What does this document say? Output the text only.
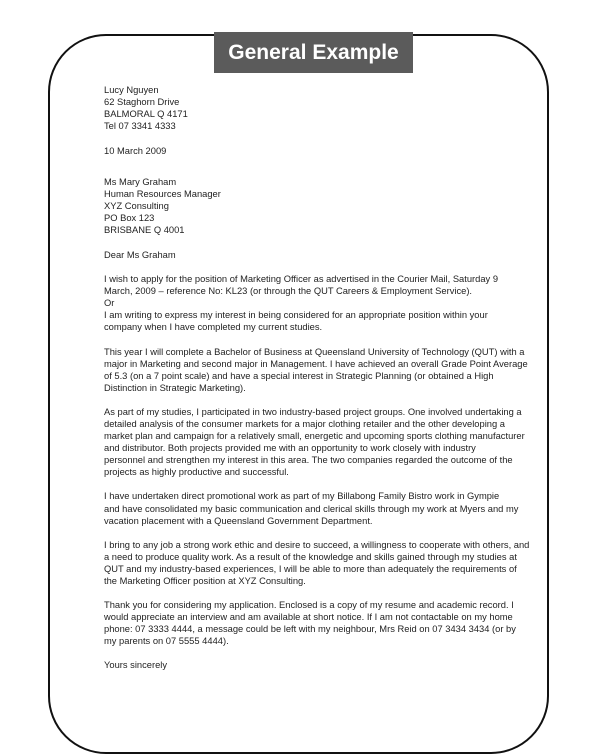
General Example
Lucy Nguyen
62 Staghorn Drive
BALMORAL Q 4171
Tel 07 3341 4333
10 March 2009
Ms Mary Graham
Human Resources Manager
XYZ Consulting
PO Box 123
BRISBANE Q 4001
Dear Ms Graham

I wish to apply for the position of Marketing Officer as advertised in the Courier Mail, Saturday 9
March, 2009 – reference No: KL23 (or through the QUT Careers & Employment Service).
Or
I am writing to express my interest in being considered for an appropriate position within your
company when I have completed my current studies.

This year I will complete a Bachelor of Business at Queensland University of Technology (QUT) with a
major in Marketing and second major in Management. I have achieved an overall Grade Point Average
of 5.3 (on a 7 point scale) and have a special interest in Strategic Planning (or obtained a High
Distinction in Strategic Marketing).

As part of my studies, I participated in two industry-based project groups. One involved undertaking a
detailed analysis of the consumer markets for a major clothing retailer and the other developing a
market plan and campaign for a relatively small, energetic and upcoming sports clothing manufacturer
and distributor. Both projects provided me with an opportunity to work closely with industry
personnel and strengthen my interest in this area. The two companies regarded the outcome of the
projects as highly productive and successful.

I have undertaken direct promotional work as part of my Billabong Family Bistro work in Gympie
and have consolidated my basic communication and clerical skills through my work at Myers and my
vacation placement with a Queensland Government Department.

I bring to any job a strong work ethic and desire to succeed, a willingness to cooperate with others, and
a need to produce quality work. As a result of the knowledge and skills gained through my studies at
QUT and my industry-based experiences, I will be able to more than adequately the requirements of
the Marketing Officer position at XYZ Consulting.

Thank you for considering my application. Enclosed is a copy of my resume and academic record. I
would appreciate an interview and am available at short notice. If I am not contactable on my home
phone: 07 3333 4444, a message could be left with my neighbour, Mrs Reid on 07 3434 3434 (or by
my parents on 07 5555 4444).

Yours sincerely
